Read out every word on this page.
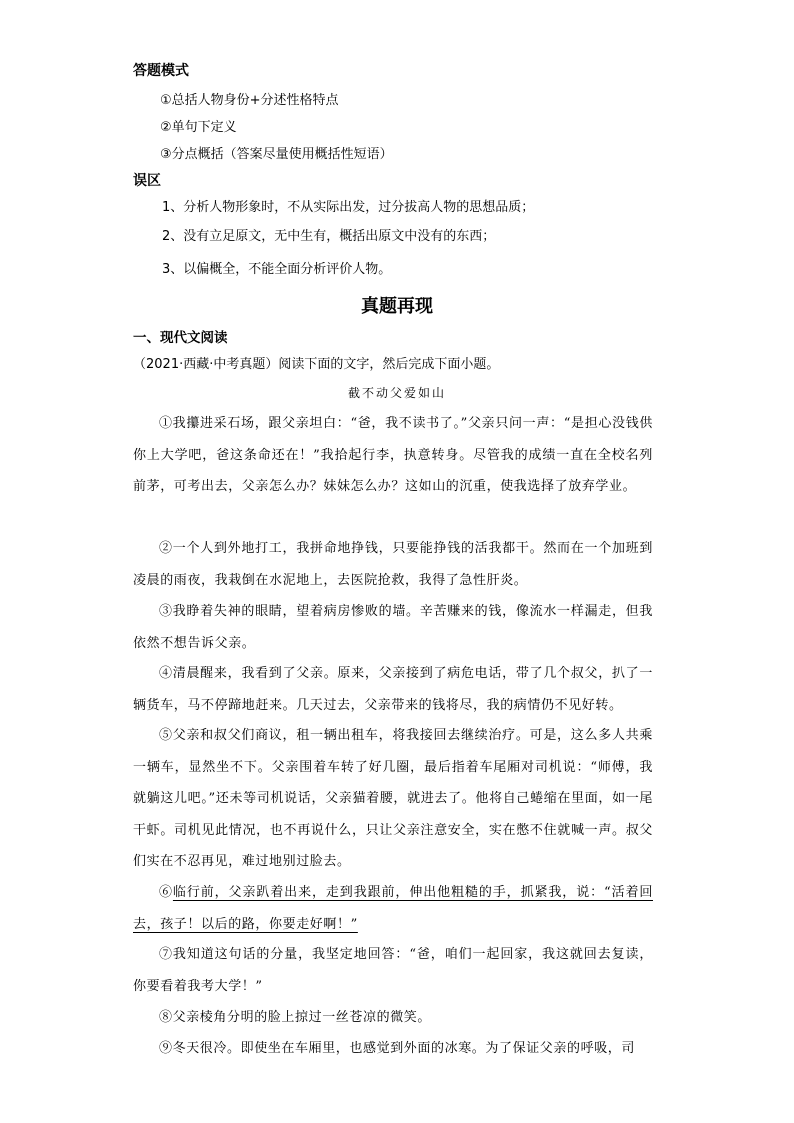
答题模式
①总括人物身份+分述性格特点
②单句下定义
③分点概括（答案尽量使用概括性短语）
误区
1、分析人物形象时，不从实际出发，过分拔高人物的思想品质；
2、没有立足原文，无中生有，概括出原文中没有的东西；
3、以偏概全，不能全面分析评价人物。
真题再现
一、现代文阅读
（2021·西藏·中考真题）阅读下面的文字，然后完成下面小题。
截不动父爱如山
①我攥进采石场，跟父亲坦白：“爸，我不读书了。”父亲只问一声：“是担心没钱供你上大学吧，爸这条命还在！”我拾起行李，执意转身。尽管我的成绩一直在全校名列前茅，可考出去，父亲怎么办？妹妹怎么办？这如山的沉重，使我选择了放弃学业。
②一个人到外地打工，我拼命地挣钱，只要能挣钱的活我都干。然而在一个加班到凌晨的雨夜，我栽倒在水泥地上，去医院抢救，我得了急性肝炎。
③我睁着失神的眼睛，望着病房惨败的墙。辛苦赚来的钱，像流水一样漏走，但我依然不想告诉父亲。
④清晨醒来，我看到了父亲。原来，父亲接到了病危电话，带了几个叔父，扒了一辆货车，马不停蹄地赶来。几天过去，父亲带来的钱将尽，我的病情仍不见好转。
⑤父亲和叔父们商议，租一辆出租车，将我接回去继续治疗。可是，这么多人共乘一辆车，显然坐不下。父亲围着车转了好几圈，最后指着车尾厢对司机说：“师傅，我就躺这儿吧。”还未等司机说话，父亲猫着腰，就进去了。他将自己蜷缩在里面，如一尾干虾。司机见此情况，也不再说什么，只让父亲注意安全，实在憋不住就喊一声。叔父们实在不忍再见，难过地别过脸去。
⑥临行前，父亲趴着出来，走到我跟前，伸出他粗糙的手，抓紧我，说：“活着回去，孩子！以后的路，你要走好啊！”
⑦我知道这句话的分量，我坚定地回答：“爸，咱们一起回家，我这就回去复读，你要看着我考大学！”
⑧父亲棱角分明的脸上掠过一丝苍凉的微笑。
⑨冬天很冷。即使坐在车厢里，也感觉到外面的冰寒。为了保证父亲的呼吸，司
